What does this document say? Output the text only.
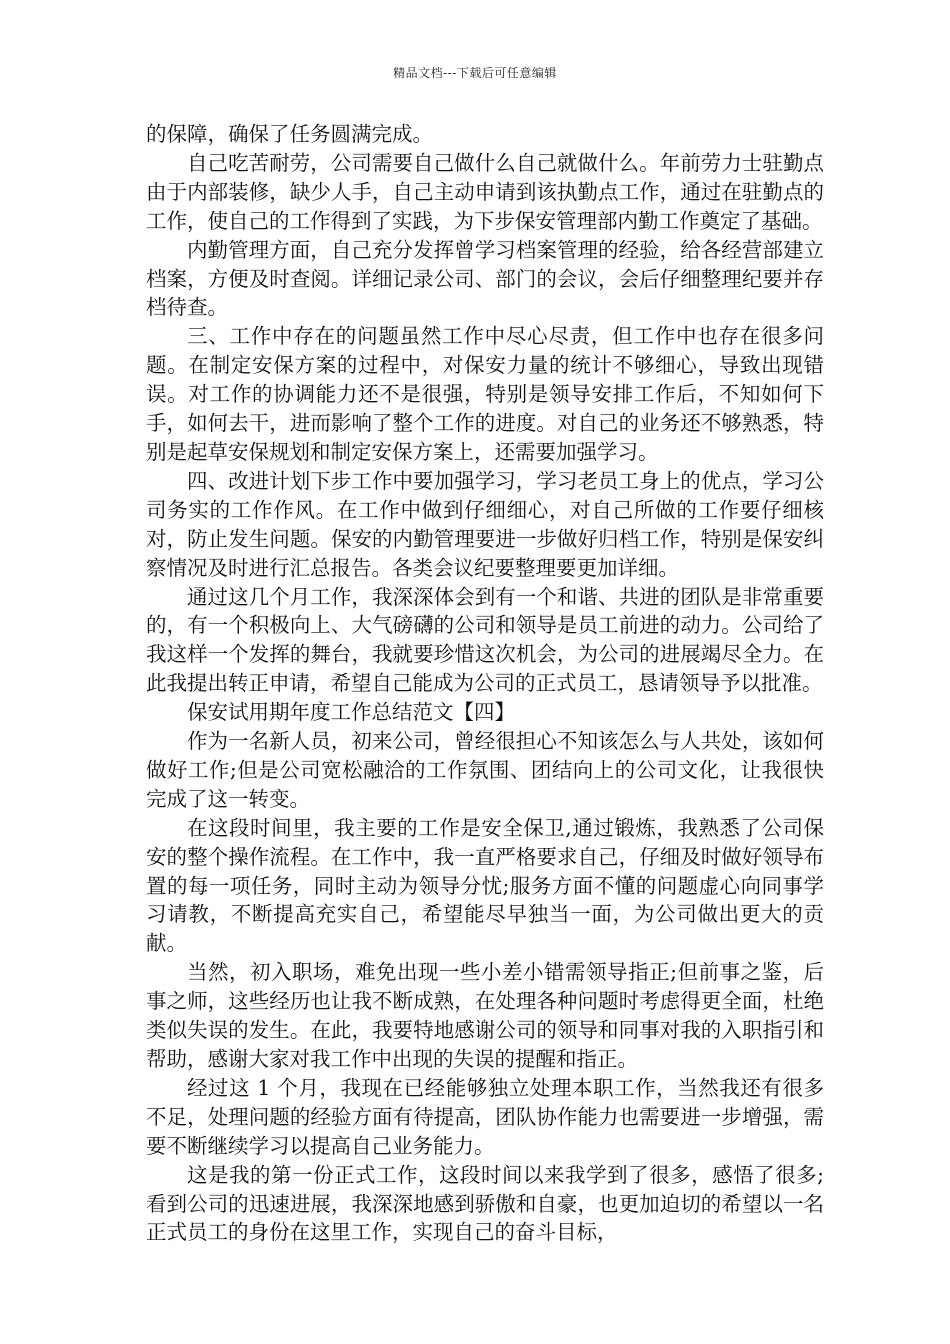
精品文档---下载后可任意编辑

的保障，确保了任务圆满完成。

自己吃苦耐劳，公司需要自己做什么自己就做什么。年前劳力士驻勤点由于内部装修，缺少人手，自己主动申请到该执勤点工作，通过在驻勤点的工作，使自己的工作得到了实践，为下步保安管理部内勤工作奠定了基础。

内勤管理方面，自己充分发挥曾学习档案管理的经验，给各经营部建立档案，方便及时查阅。详细记录公司、部门的会议，会后仔细整理纪要并存档待查。

三、工作中存在的问题虽然工作中尽心尽责，但工作中也存在很多问题。在制定安保方案的过程中，对保安力量的统计不够细心，导致出现错误。对工作的协调能力还不是很强，特别是领导安排工作后，不知如何下手，如何去干，进而影响了整个工作的进度。对自己的业务还不够熟悉，特别是起草安保规划和制定安保方案上，还需要加强学习。

四、改进计划下步工作中要加强学习，学习老员工身上的优点，学习公司务实的工作作风。在工作中做到仔细细心，对自己所做的工作要仔细核对，防止发生问题。保安的内勤管理要进一步做好归档工作，特别是保安纠察情况及时进行汇总报告。各类会议纪要整理要更加详细。

通过这几个月工作，我深深体会到有一个和谐、共进的团队是非常重要的，有一个积极向上、大气磅礴的公司和领导是员工前进的动力。公司给了我这样一个发挥的舞台，我就要珍惜这次机会，为公司的进展竭尽全力。在此我提出转正申请，希望自己能成为公司的正式员工，恳请领导予以批准。

保安试用期年度工作总结范文【四】

作为一名新人员，初来公司，曾经很担心不知该怎么与人共处，该如何做好工作;但是公司宽松融洽的工作氛围、团结向上的公司文化，让我很快完成了这一转变。

在这段时间里，我主要的工作是安全保卫,通过锻炼，我熟悉了公司保安的整个操作流程。在工作中，我一直严格要求自己，仔细及时做好领导布置的每一项任务，同时主动为领导分忧;服务方面不懂的问题虚心向同事学习请教，不断提高充实自己，希望能尽早独当一面，为公司做出更大的贡献。

当然，初入职场，难免出现一些小差小错需领导指正;但前事之鉴，后事之师，这些经历也让我不断成熟，在处理各种问题时考虑得更全面，杜绝类似失误的发生。在此，我要特地感谢公司的领导和同事对我的入职指引和帮助，感谢大家对我工作中出现的失误的提醒和指正。

经过这 1 个月，我现在已经能够独立处理本职工作，当然我还有很多不足，处理问题的经验方面有待提高，团队协作能力也需要进一步增强，需要不断继续学习以提高自己业务能力。

这是我的第一份正式工作，这段时间以来我学到了很多，感悟了很多;看到公司的迅速进展，我深深地感到骄傲和自豪，也更加迫切的希望以一名正式员工的身份在这里工作，实现自己的奋斗目标，
